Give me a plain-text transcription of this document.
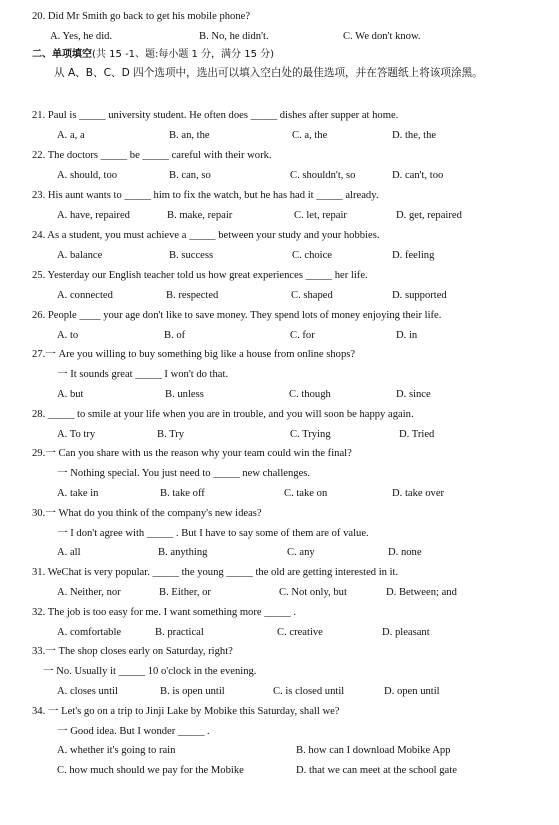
20. Did Mr Smith go back to get his mobile phone?
A. Yes, he did.	B. No, he didn't.	C. We don't know.
二、单项填空(共 15 -1、题:每小题 1 分，满分 15 分)
从 A、B、C、D 四个选项中，选出可以填入空白处的最佳选项，并在答题纸上将该项涂黑。
21. Paul is _____ university student. He often does _____ dishes after supper at home.
A. a, a	B. an, the	C. a, the	D. the, the
22. The doctors _____ be _____ careful with their work.
A. should, too	B. can, so	C. shouldn't, so	D. can't, too
23. His aunt wants to _____ him to fix the watch, but he has had it _____ already.
A. have, repaired	B. make, repair	C. let, repair	D. get, repaired
24. As a student, you must achieve a _____ between your study and your hobbies.
A. balance	B. success	C. choice	D. feeling
25. Yesterday our English teacher told us how great experiences _____ her life.
A. connected	B. respected	C. shaped	D. supported
26. People ____ your age don't like to save money. They spend lots of money enjoying their life.
A. to	B. of	C. for	D. in
27.一 Are you willing to buy something big like a house from online shops?
一 It sounds great _____ I won't do that.
A. but	B. unless	C. though	D. since
28. _____ to smile at your life when you are in trouble, and you will soon be happy again.
A. To try	B. Try	C. Trying	D. Tried
29.一 Can you share with us the reason why your team could win the final?
一 Nothing special. You just need to _____ new challenges.
A. take in	B. take off	C. take on	D. take over
30.一 What do you think of the company's new ideas?
一 I don't agree with _____ . But I have to say some of them are of value.
A. all	B. anything	C. any	D. none
31. WeChat is very popular. _____ the young _____ the old are getting interested in it.
A. Neither, nor	B. Either, or	C. Not only, but	D. Between; and
32. The job is too easy for me. I want something more _____ .
A. comfortable	B. practical	C. creative	D. pleasant
33.一 The shop closes early on Saturday, right?
一 No. Usually it _____ 10 o'clock in the evening.
A. closes until	B. is open until	C. is closed until	D. open until
34. 一 Let's go on a trip to Jinji Lake by Mobike this Saturday, shall we?
一 Good idea. But I wonder _____ .
A. whether it's going to rain	B. how can I download Mobike App
C. how much should we pay for the Mobike	D. that we can meet at the school gate
